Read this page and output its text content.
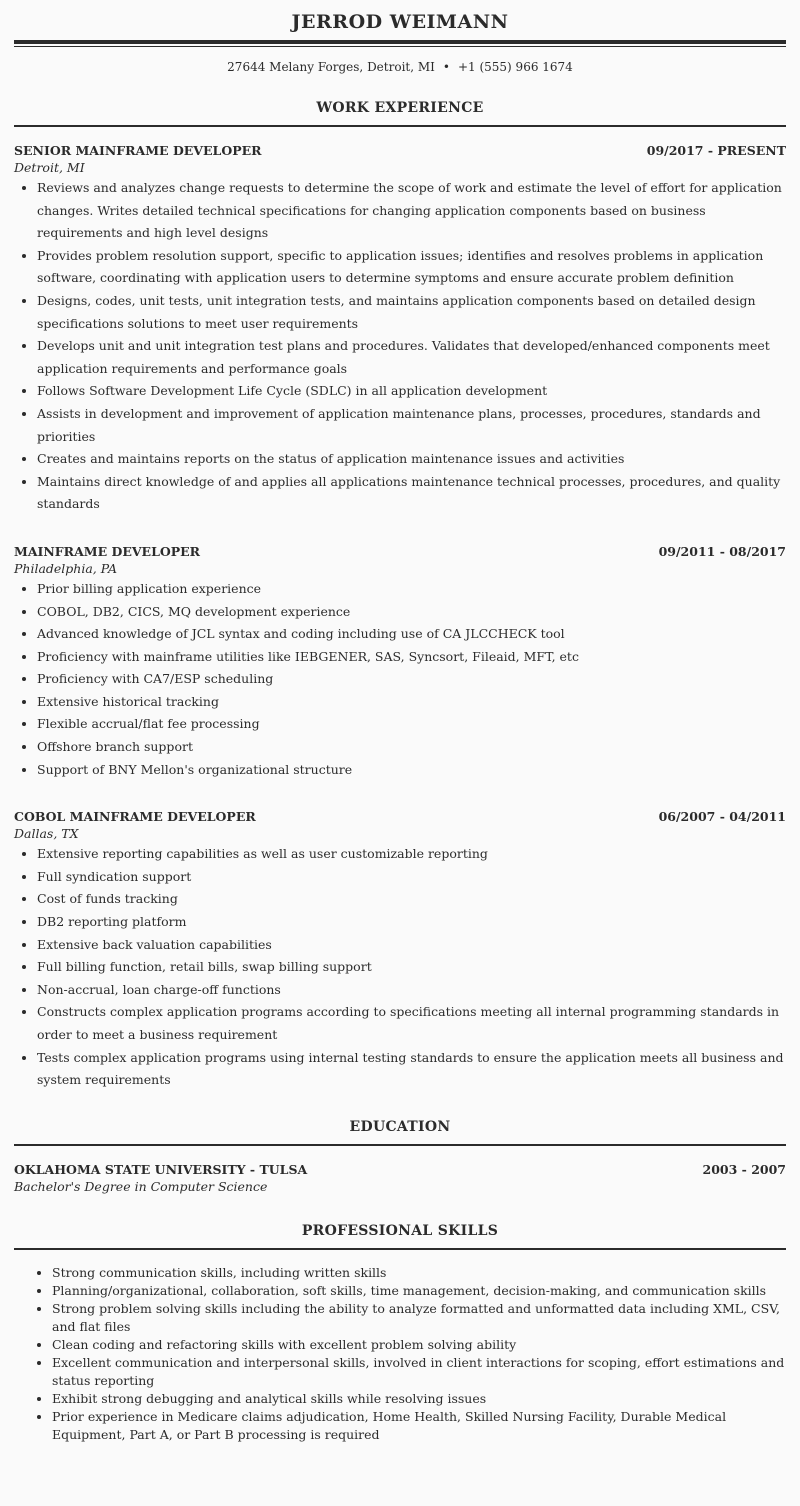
JERROD WEIMANN
27644 Melany Forges, Detroit, MI • +1 (555) 966 1674
WORK EXPERIENCE
SENIOR MAINFRAME DEVELOPER	09/2017 - PRESENT
Detroit, MI
• Reviews and analyzes change requests to determine the scope of work and estimate the level of effort for application changes. Writes detailed technical specifications for changing application components based on business requirements and high level designs
• Provides problem resolution support, specific to application issues; identifies and resolves problems in application software, coordinating with application users to determine symptoms and ensure accurate problem definition
• Designs, codes, unit tests, unit integration tests, and maintains application components based on detailed design specifications solutions to meet user requirements
• Develops unit and unit integration test plans and procedures. Validates that developed/enhanced components meet application requirements and performance goals
• Follows Software Development Life Cycle (SDLC) in all application development
• Assists in development and improvement of application maintenance plans, processes, procedures, standards and priorities
• Creates and maintains reports on the status of application maintenance issues and activities
• Maintains direct knowledge of and applies all applications maintenance technical processes, procedures, and quality standards
MAINFRAME DEVELOPER	09/2011 - 08/2017
Philadelphia, PA
• Prior billing application experience
• COBOL, DB2, CICS, MQ development experience
• Advanced knowledge of JCL syntax and coding including use of CA JLCCHECK tool
• Proficiency with mainframe utilities like IEBGENER, SAS, Syncsort, Fileaid, MFT, etc
• Proficiency with CA7/ESP scheduling
• Extensive historical tracking
• Flexible accrual/flat fee processing
• Offshore branch support
• Support of BNY Mellon's organizational structure
COBOL MAINFRAME DEVELOPER	06/2007 - 04/2011
Dallas, TX
• Extensive reporting capabilities as well as user customizable reporting
• Full syndication support
• Cost of funds tracking
• DB2 reporting platform
• Extensive back valuation capabilities
• Full billing function, retail bills, swap billing support
• Non-accrual, loan charge-off functions
• Constructs complex application programs according to specifications meeting all internal programming standards in order to meet a business requirement
• Tests complex application programs using internal testing standards to ensure the application meets all business and system requirements
EDUCATION
OKLAHOMA STATE UNIVERSITY - TULSA	2003 - 2007
Bachelor's Degree in Computer Science
PROFESSIONAL SKILLS
• Strong communication skills, including written skills
• Planning/organizational, collaboration, soft skills, time management, decision-making, and communication skills
• Strong problem solving skills including the ability to analyze formatted and unformatted data including XML, CSV, and flat files
• Clean coding and refactoring skills with excellent problem solving ability
• Excellent communication and interpersonal skills, involved in client interactions for scoping, effort estimations and status reporting
• Exhibit strong debugging and analytical skills while resolving issues
• Prior experience in Medicare claims adjudication, Home Health, Skilled Nursing Facility, Durable Medical Equipment, Part A, or Part B processing is required
